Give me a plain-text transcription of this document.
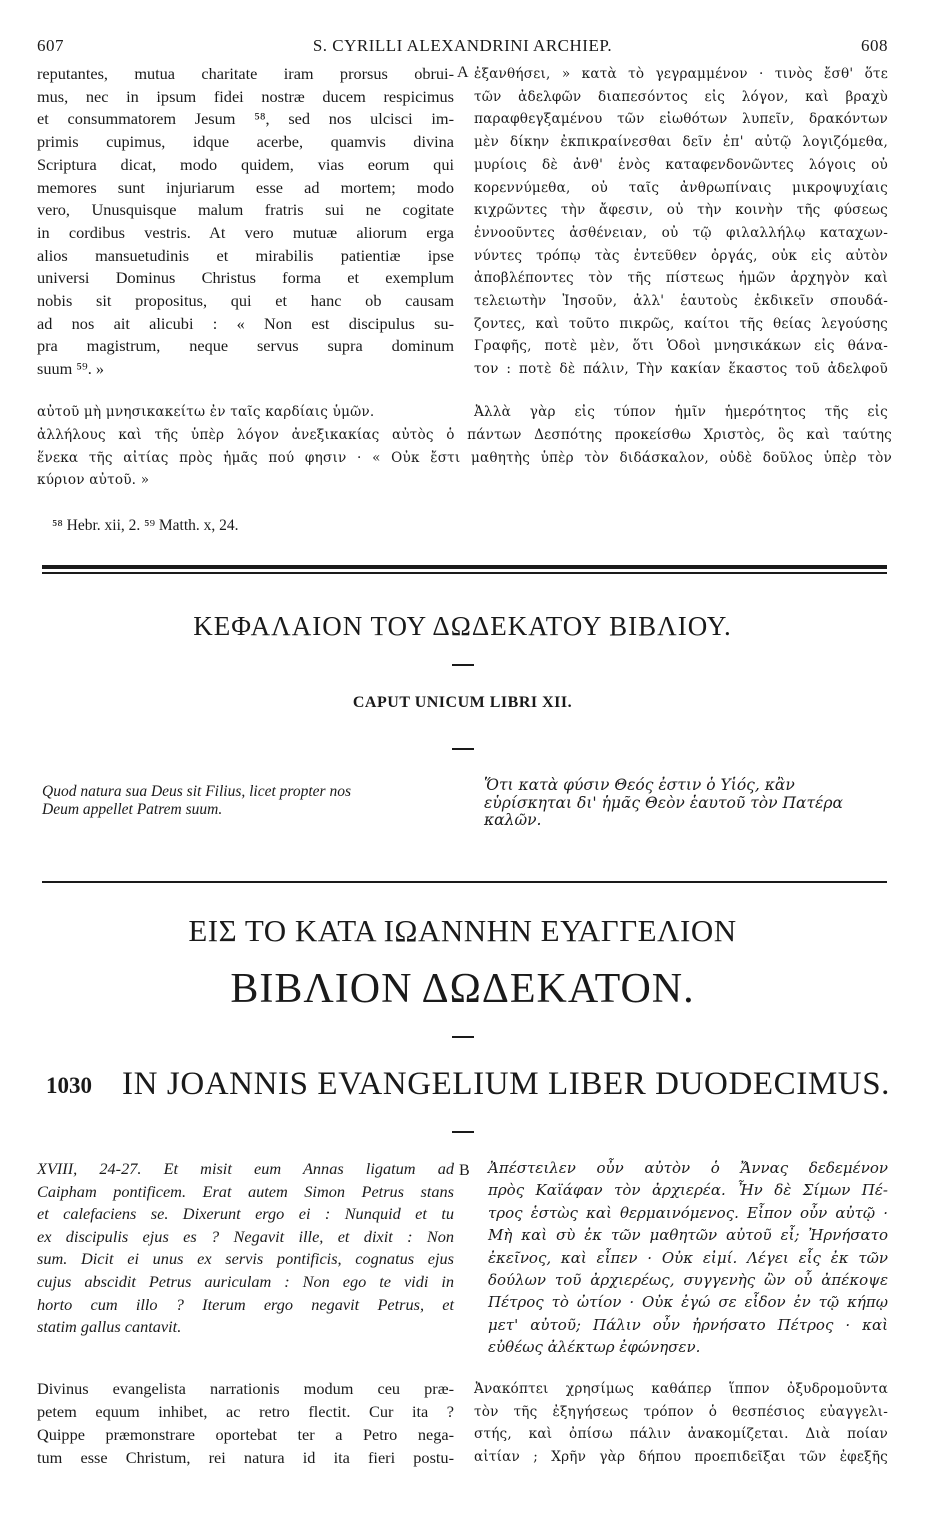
607	S. CYRILLI ALEXANDRINI ARCHIEP.	608
reputantes, mutua charitate iram prorsus obrui-
mus, nec in ipsum fidei nostræ ducem respicimus
et consummatorem Jesum ⁵⁸, sed nos ulcisci im-
primis cupimus, idque acerbe, quamvis divina
Scriptura dicat, modo quidem, vias eorum qui
memores sunt injuriarum esse ad mortem; modo
vero, Unusquisque malum fratris sui ne cogitate
in cordibus vestris. At vero mutuæ aliorum erga
alios mansuetudinis et mirabilis patientiæ ipse
universi Dominus Christus forma et exemplum
nobis sit propositus, qui et hanc ob causam
ad nos ait alicubi : « Non est discipulus su-
pra magistrum, neque servus supra dominum
suum ⁵⁹. »
A ἐξανθήσει, » κατὰ τὸ γεγραμμένον · τινὸς ἔσθ' ὅτε
τῶν ἀδελφῶν διαπεσόντος εἰς λόγον, καὶ βραχὺ
παραφθεγξαμένου τῶν εἰωθότων λυπεῖν, δρακόντων
μὲν δίκην ἐκπικραίνεσθαι δεῖν ἐπ' αὐτῷ λογιζόμεθα,
μυρίοις δὲ ἀνθ' ἑνὸς καταφενδονῶντες λόγοις οὐ
κορεννύμεθα, οὐ ταῖς ἀνθρωπίναις μικροψυχίαις
κιχρῶντες τὴν ἄφεσιν, οὐ τὴν κοινὴν τῆς φύσεως
ἐννοοῦντες ἀσθένειαν, οὐ τῷ φιλαλλήλῳ καταχων-
νύντες τρόπῳ τὰς ἐντεῦθεν ὀργάς, οὐκ εἰς αὐτὸν
ἀποβλέποντες τὸν τῆς πίστεως ἡμῶν ἀρχηγὸν καὶ
τελειωτὴν Ἰησοῦν, ἀλλ' ἑαυτοὺς ἐκδικεῖν σπουδά-
ζοντες, καὶ τοῦτο πικρῶς, καίτοι τῆς θείας λεγούσης
Γραφῆς, ποτὲ μὲν, ὅτι Ὁδοὶ μνησικάκων εἰς θάνα-
τον : ποτὲ δὲ πάλιν, Τὴν κακίαν ἕκαστος τοῦ ἀδελφοῦ
αὐτοῦ μὴ μνησικακείτω ἐν ταῖς καρδίαις ὑμῶν.	Ἀλλὰ γὰρ εἰς τύπον ἡμῖν ἡμερότητος τῆς εἰς
ἀλλήλους καὶ τῆς ὑπὲρ λόγον ἀνεξικακίας αὐτὸς ὁ πάντων Δεσπότης προκείσθω Χριστὸς, ὃς καὶ ταύτης
ἕνεκα τῆς αἰτίας πρὸς ἡμᾶς πού φησιν · « Οὐκ ἔστι μαθητὴς ὑπὲρ τὸν διδάσκαλον, οὐδὲ δοῦλος ὑπὲρ τὸν
κύριον αὐτοῦ. »
⁵⁸ Hebr. xii, 2. ⁵⁹ Matth. x, 24.
ΚΕΦΑΛΑΙΟΝ ΤΟΥ ΔΩΔΕΚΑΤΟΥ ΒΙΒΛΙΟΥ.
CAPUT UNICUM LIBRI XII.
Quod natura sua Deus sit Filius, licet propter nos
Deum appellet Patrem suum.
Ὅτι κατὰ φύσιν Θεός ἐστιν ὁ Υἱός, κἂν
εὑρίσκηται δι' ἡμᾶς Θεὸν ἑαυτοῦ τὸν Πατέρα
καλῶν.
ΕΙΣ ΤΟ ΚΑΤΑ ΙΩΑΝΝΗΝ ΕΥΑΓΓΕΛΙΟΝ
ΒΙΒΛΙΟΝ ΔΩΔΕΚΑΤΟΝ.
1030 IN JOANNIS EVANGELIUM LIBER DUODECIMUS.
XVIII, 24-27. Et misit eum Annas ligatum ad
Caipham pontificem. Erat autem Simon Petrus stans
et calefaciens se. Dixerunt ergo ei : Nunquid et tu
ex discipulis ejus es ? Negavit ille, et dixit : Non
sum. Dicit ei unus ex servis pontificis, cognatus ejus
cujus abscidit Petrus auriculam : Non ego te vidi in
horto cum illo ? Iterum ergo negavit Petrus, et
statim gallus cantavit.
B
Divinus evangelista narrationis modum ceu præ-
petem equum inhibet, ac retro flectit. Cur ita ?
Quippe præmonstrare oportebat ter a Petro nega-
tum esse Christum, rei natura id ita fieri postu-
Ἀπέστειλεν οὖν αὐτὸν ὁ Ἄννας δεδεμένον
πρὸς Καϊάφαν τὸν ἀρχιερέα. Ἦν δὲ Σίμων Πέ-
τρος ἑστὼς καὶ θερμαινόμενος. Εἶπον οὖν αὐτῷ ·
Μὴ καὶ σὺ ἐκ τῶν μαθητῶν αὐτοῦ εἶ; Ἠρνήσατο
ἐκεῖνος, καὶ εἶπεν · Οὐκ εἰμί. Λέγει εἷς ἐκ τῶν
δούλων τοῦ ἀρχιερέως, συγγενὴς ὢν οὗ ἀπέκοψε
Πέτρος τὸ ὠτίον · Οὐκ ἐγώ σε εἶδον ἐν τῷ κήπῳ
μετ' αὐτοῦ; Πάλιν οὖν ἠρνήσατο Πέτρος · καὶ
εὐθέως ἀλέκτωρ ἐφώνησεν.
Ἀνακόπτει χρησίμως καθάπερ ἵππον ὀξυδρομοῦντα
τὸν τῆς ἐξηγήσεως τρόπον ὁ θεσπέσιος εὐαγγελι-
στής, καὶ ὀπίσω πάλιν ἀνακομίζεται. Διὰ ποίαν
αἰτίαν ; Χρῆν γὰρ δήπου προεπιδεῖξαι τῶν ἐφεξῆς
